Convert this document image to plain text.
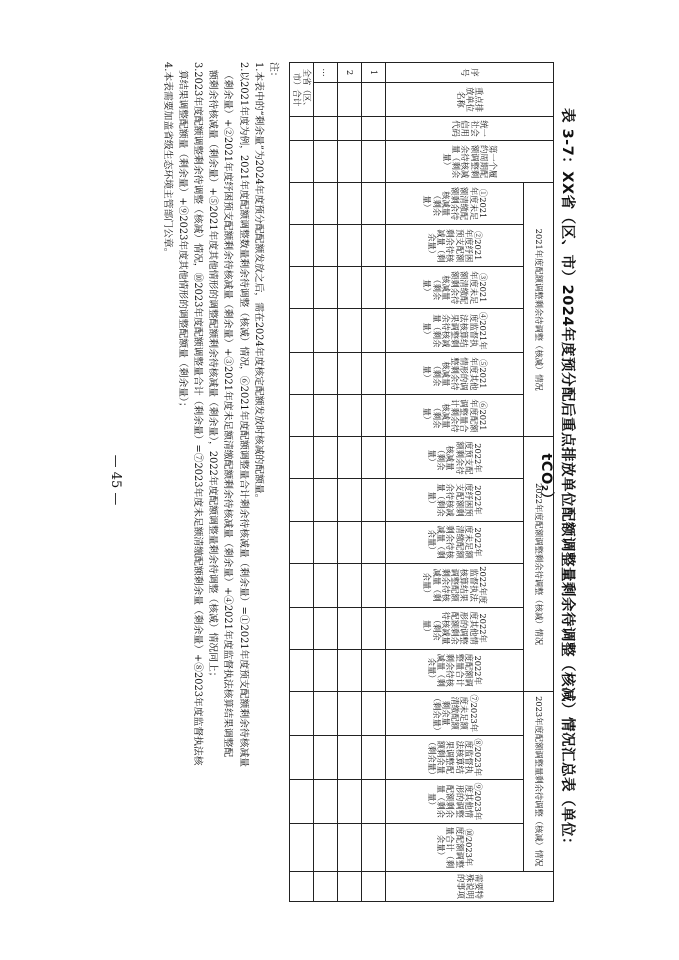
表 3-7：XX省（区、市）2024年度预分配后重点排放单位配额调整量剩余待调整（核减）情况汇总表（单位：tCO₂）
序号	重点排放单位名称	统一社会信用代码	第一个履约周期配额调整剩余待核减量（剩余量）	2021年度配额调整剩余待调整（核减）情况						2022年度配额调整剩余待调整（核减）情况						2023年度配额调整量剩余待调整（核减）情况				需要特殊说明的事项
				①2021年度未足额清缴配额剩余待核减量（剩余量）	②2021年度纾困预支配额剩余待核减量（剩余量）	③2021年度未足额清缴配额剩余待核减量（剩余量）	④2021年度监督执法核算结果调整剩余待核减量（剩余量）	⑤2021年度其他情形的调整剩余待核减量（剩余量）	⑥2021年度配额调整量合计剩余待核减量（剩余量）	2022年度预支配额剩余待核减量（剩余量）	2022年度纾困预支配额剩余待核减量（剩余量）	2022年度未足额清缴配额剩余待核减量（剩余量）	2022年度监督执法核算结果调整配额剩余待核减量（剩余量）	2022年度其他情形的调整配额剩余待核减量（剩余量）	2022年度配额调整量合计剩余待核减量（剩余量）	⑦2023年度未足额清缴配额剩余量（剩余量）	⑧2023年度监督执法核算结果调整配额剩余量（剩余量）	⑨2023年度其他情形的调整配额剩余量（剩余量）	⑩2023年度配额调整量合计（剩余量）	

1																				
2																				
…																				
全省（区、市）合计																				

注：

1.本表中的“剩余量”为2024年度预分配配额发放之后，需在2024年度核定配额发放时核减的配额量。

2.以2021年度为例，2021年度配额调整数量剩余待调整（核减）情况，⑥2021年度配额调整量合计剩余待核减量（剩余量）=①2021年度预支配额剩余待核减量

（剩余量）+②2021年度纾困预支配额剩余待核减量（剩余量）+③2021年度未足额清缴配额剩余待核减量（剩余量）+④2021年度监督执法核算结果调整配

额剩余待核减量（剩余量）+⑤2021年度其他情形的调整配额剩余待核减量（剩余量），2022年度配额调整量剩余待调整（核减）情况同上；

3.2023年度配额调整剩余待调整（核减）情况，⑩2023年度配额调整量合计（剩余量）=⑦2023年度未足额清缴配额剩余量（剩余量）+⑧2023年度监督执法核

算结果调整配额量（剩余量）+⑨2023年度其他情形的调整配额量（剩余量）；

4.本表需要加盖省级生态环境主管部门公章。

— 45 —
